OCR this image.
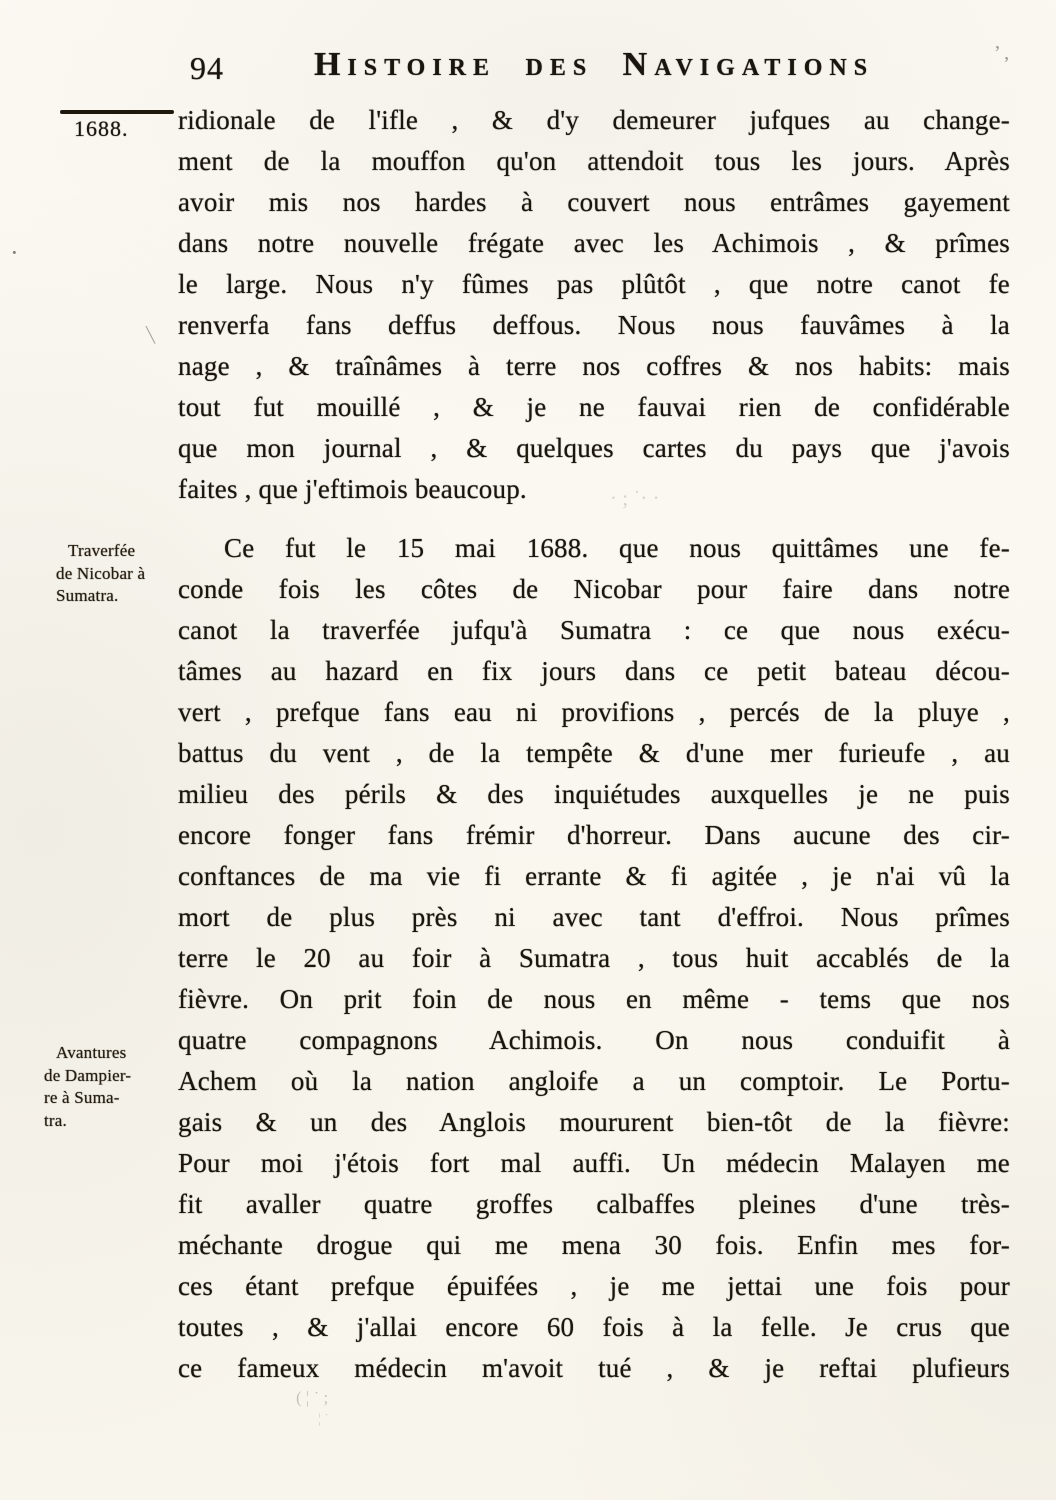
94	Histoire des Navigations
1688.
Traverfée
de Nicobar à
Sumatra.
Avantures
de Dampier-
re à Suma-
tra.
ridionale de l'ifle , & d'y demeurer jufques au change-
ment de la mouffon qu'on attendoit tous les jours. Après
avoir mis nos hardes à couvert nous entrâmes gayement
dans notre nouvelle frégate avec les Achimois , & prîmes
le large. Nous n'y fûmes pas plûtôt , que notre canot fe
renverfa fans deffus deffous. Nous nous fauvâmes à la
nage , & traînâmes à terre nos coffres & nos habits: mais
tout fut mouillé , & je ne fauvai rien de confidérable
que mon journal , & quelques cartes du pays que j'avois
faites , que j'eftimois beaucoup.
Ce fut le 15 mai 1688. que nous quittâmes une fe-
conde fois les côtes de Nicobar pour faire dans notre
canot la traverfée jufqu'à Sumatra : ce que nous exécu-
tâmes au hazard en fix jours dans ce petit bateau décou-
vert , prefque fans eau ni provifions , percés de la pluye ,
battus du vent , de la tempête & d'une mer furieufe , au
milieu des périls & des inquiétudes auxquelles je ne puis
encore fonger fans frémir d'horreur. Dans aucune des cir-
conftances de ma vie fi errante & fi agitée , je n'ai vû la
mort de plus près ni avec tant d'effroi. Nous prîmes
terre le 20 au foir à Sumatra , tous huit accablés de la
fièvre. On prit foin de nous en même - tems que nos
quatre compagnons Achimois. On nous conduifit à
Achem où la nation angloife a un comptoir. Le Portu-
gais & un des Anglois moururent bien-tôt de la fièvre:
Pour moi j'étois fort mal auffi. Un médecin Malayen me
fit avaller quatre groffes calbaffes pleines d'une très-
méchante drogue qui me mena 30 fois. Enfin mes for-
ces étant prefque épuifées , je me jettai une fois pour
toutes , & j'allai encore 60 fois à la felle. Je crus que
ce fameux médecin m'avoit tué , & je reftai plufieurs
’ ,
·
╲
· ; ˙· ·
( ¦ ˙ ;
¦ ˙
